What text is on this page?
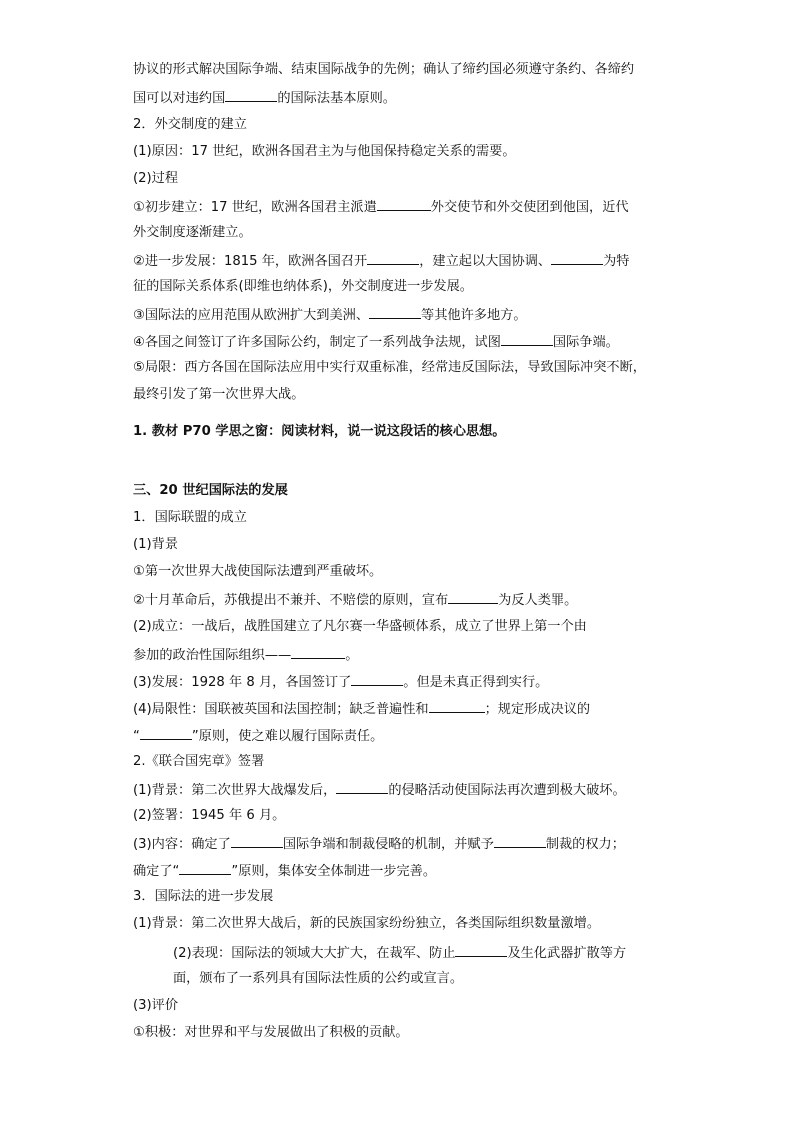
协议的形式解决国际争端、结束国际战争的先例；确认了缔约国必须遵守条约、各缔约
国可以对违约国	的国际法基本原则。
2．外交制度的建立
(1)原因：17 世纪，欧洲各国君主为与他国保持稳定关系的需要。
(2)过程
①初步建立：17 世纪，欧洲各国君主派遣	外交使节和外交使团到他国，近代
外交制度逐渐建立。
②进一步发展：1815 年，欧洲各国召开	，建立起以大国协调、	为特
征的国际关系体系(即维也纳体系)，外交制度进一步发展。
③国际法的应用范围从欧洲扩大到美洲、	等其他许多地方。
④各国之间签订了许多国际公约，制定了一系列战争法规，试图	国际争端。
⑤局限：西方各国在国际法应用中实行双重标准，经常违反国际法，导致国际冲突不断，
最终引发了第一次世界大战。
1. 教材 P70 学思之窗：阅读材料，说一说这段话的核心思想。
三、20 世纪国际法的发展
1．国际联盟的成立
(1)背景
①第一次世界大战使国际法遭到严重破坏。
②十月革命后，苏俄提出不兼并、不赔偿的原则，宣布	为反人类罪。
(2)成立：一战后，战胜国建立了凡尔赛一华盛顿体系，成立了世界上第一个由
参加的政治性国际组织——	。
(3)发展：1928 年 8 月，各国签订了	。但是未真正得到实行。
(4)局限性：国联被英国和法国控制；缺乏普遍性和	；规定形成决议的
“	”原则，使之难以履行国际责任。
2.《联合国宪章》签署
(1)背景：第二次世界大战爆发后，	的侵略活动使国际法再次遭到极大破坏。
(2)签署：1945 年 6 月。
(3)内容：确定了	国际争端和制裁侵略的机制，并赋予	制裁的权力；
确定了“	”原则，集体安全体制进一步完善。
3．国际法的进一步发展
(1)背景：第二次世界大战后，新的民族国家纷纷独立，各类国际组织数量激增。
(2)表现：国际法的领域大大扩大，在裁军、防止	及生化武器扩散等方
面，颁布了一系列具有国际法性质的公约或宣言。
(3)评价
①积极：对世界和平与发展做出了积极的贡献。
